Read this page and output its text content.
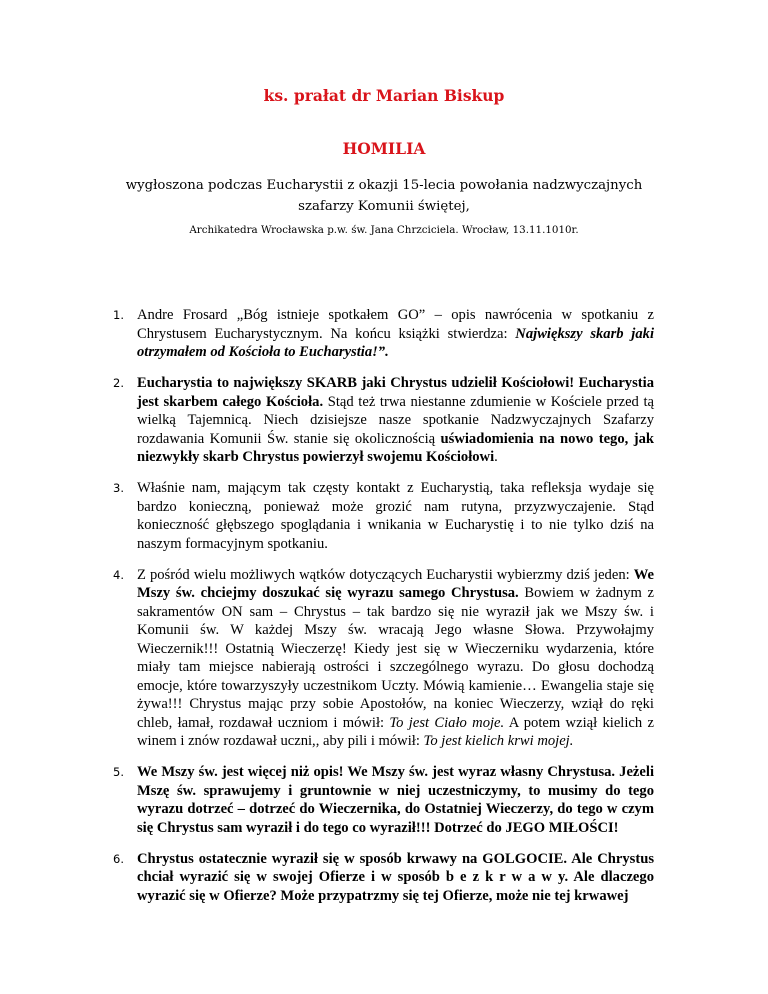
ks. prałat dr Marian Biskup
HOMILIA
wygłoszona podczas Eucharystii z okazji 15-lecia powołania nadzwyczajnych szafarzy Komunii świętej,
Archikatedra Wrocławska p.w. św. Jana Chrzciciela. Wrocław, 13.11.1010r.
1. Andre Frosard „Bóg istnieje spotkałem GO” – opis nawrócenia w spotkaniu z Chrystusem Eucharystycznym. Na końcu książki stwierdza: Największy skarb jaki otrzymałem od Kościoła to Eucharystia!”.
2. Eucharystia to największy SKARB jaki Chrystus udzielił Kościołowi! Eucharystia jest skarbem całego Kościoła. Stąd też trwa niestanne zdumienie w Kościele przed tą wielką Tajemnicą. Niech dzisiejsze nasze spotkanie Nadzwyczajnych Szafarzy rozdawania Komunii Św. stanie się okolicznością uświadomienia na nowo tego, jak niezwykły skarb Chrystus powierzył swojemu Kościołowi.
3. Właśnie nam, mającym tak częsty kontakt z Eucharystią, taka refleksja wydaje się bardzo konieczną, ponieważ może grozić nam rutyna, przyzwyczajenie. Stąd konieczność głębszego spoglądania i wnikania w Eucharystię i to nie tylko dziś na naszym formacyjnym spotkaniu.
4. Z pośród wielu możliwych wątków dotyczących Eucharystii wybierzmy dziś jeden: We Mszy św. chciejmy doszukać się wyrazu samego Chrystusa. Bowiem w żadnym z sakramentów ON sam – Chrystus – tak bardzo się nie wyraził jak we Mszy św. i Komunii św. W każdej Mszy św. wracają Jego własne Słowa. Przywołajmy Wieczernik!!! Ostatnią Wieczerzę! Kiedy jest się w Wieczerniku wydarzenia, które miały tam miejsce nabierają ostrości i szczególnego wyrazu. Do głosu dochodzą emocje, które towarzyszyły uczestnikom Uczty. Mówią kamienie… Ewangelia staje się żywa!!! Chrystus mając przy sobie Apostołów, na koniec Wieczerzy, wziął do ręki chleb, łamał, rozdawał uczniom i mówił: To jest Ciało moje. A potem wziął kielich z winem i znów rozdawał uczni,, aby pili i mówił: To jest kielich krwi mojej.
5. We Mszy św. jest więcej niż opis! We Mszy św. jest wyraz własny Chrystusa. Jeżeli Mszę św. sprawujemy i gruntownie w niej uczestniczymy, to musimy do tego wyrazu dotrzeć – dotrzeć do Wieczernika, do Ostatniej Wieczerzy, do tego w czym się Chrystus sam wyraził i do tego co wyraził!!! Dotrzeć do JEGO MIŁOŚCI!
6. Chrystus ostatecznie wyraził się w sposób krwawy na GOLGOCIE. Ale Chrystus chciał wyrazić się w swojej Ofierze i w sposób b e z k r w a w y. Ale dlaczego wyrazić się w Ofierze? Może przypatrzmy się tej Ofierze, może nie tej krwawej
